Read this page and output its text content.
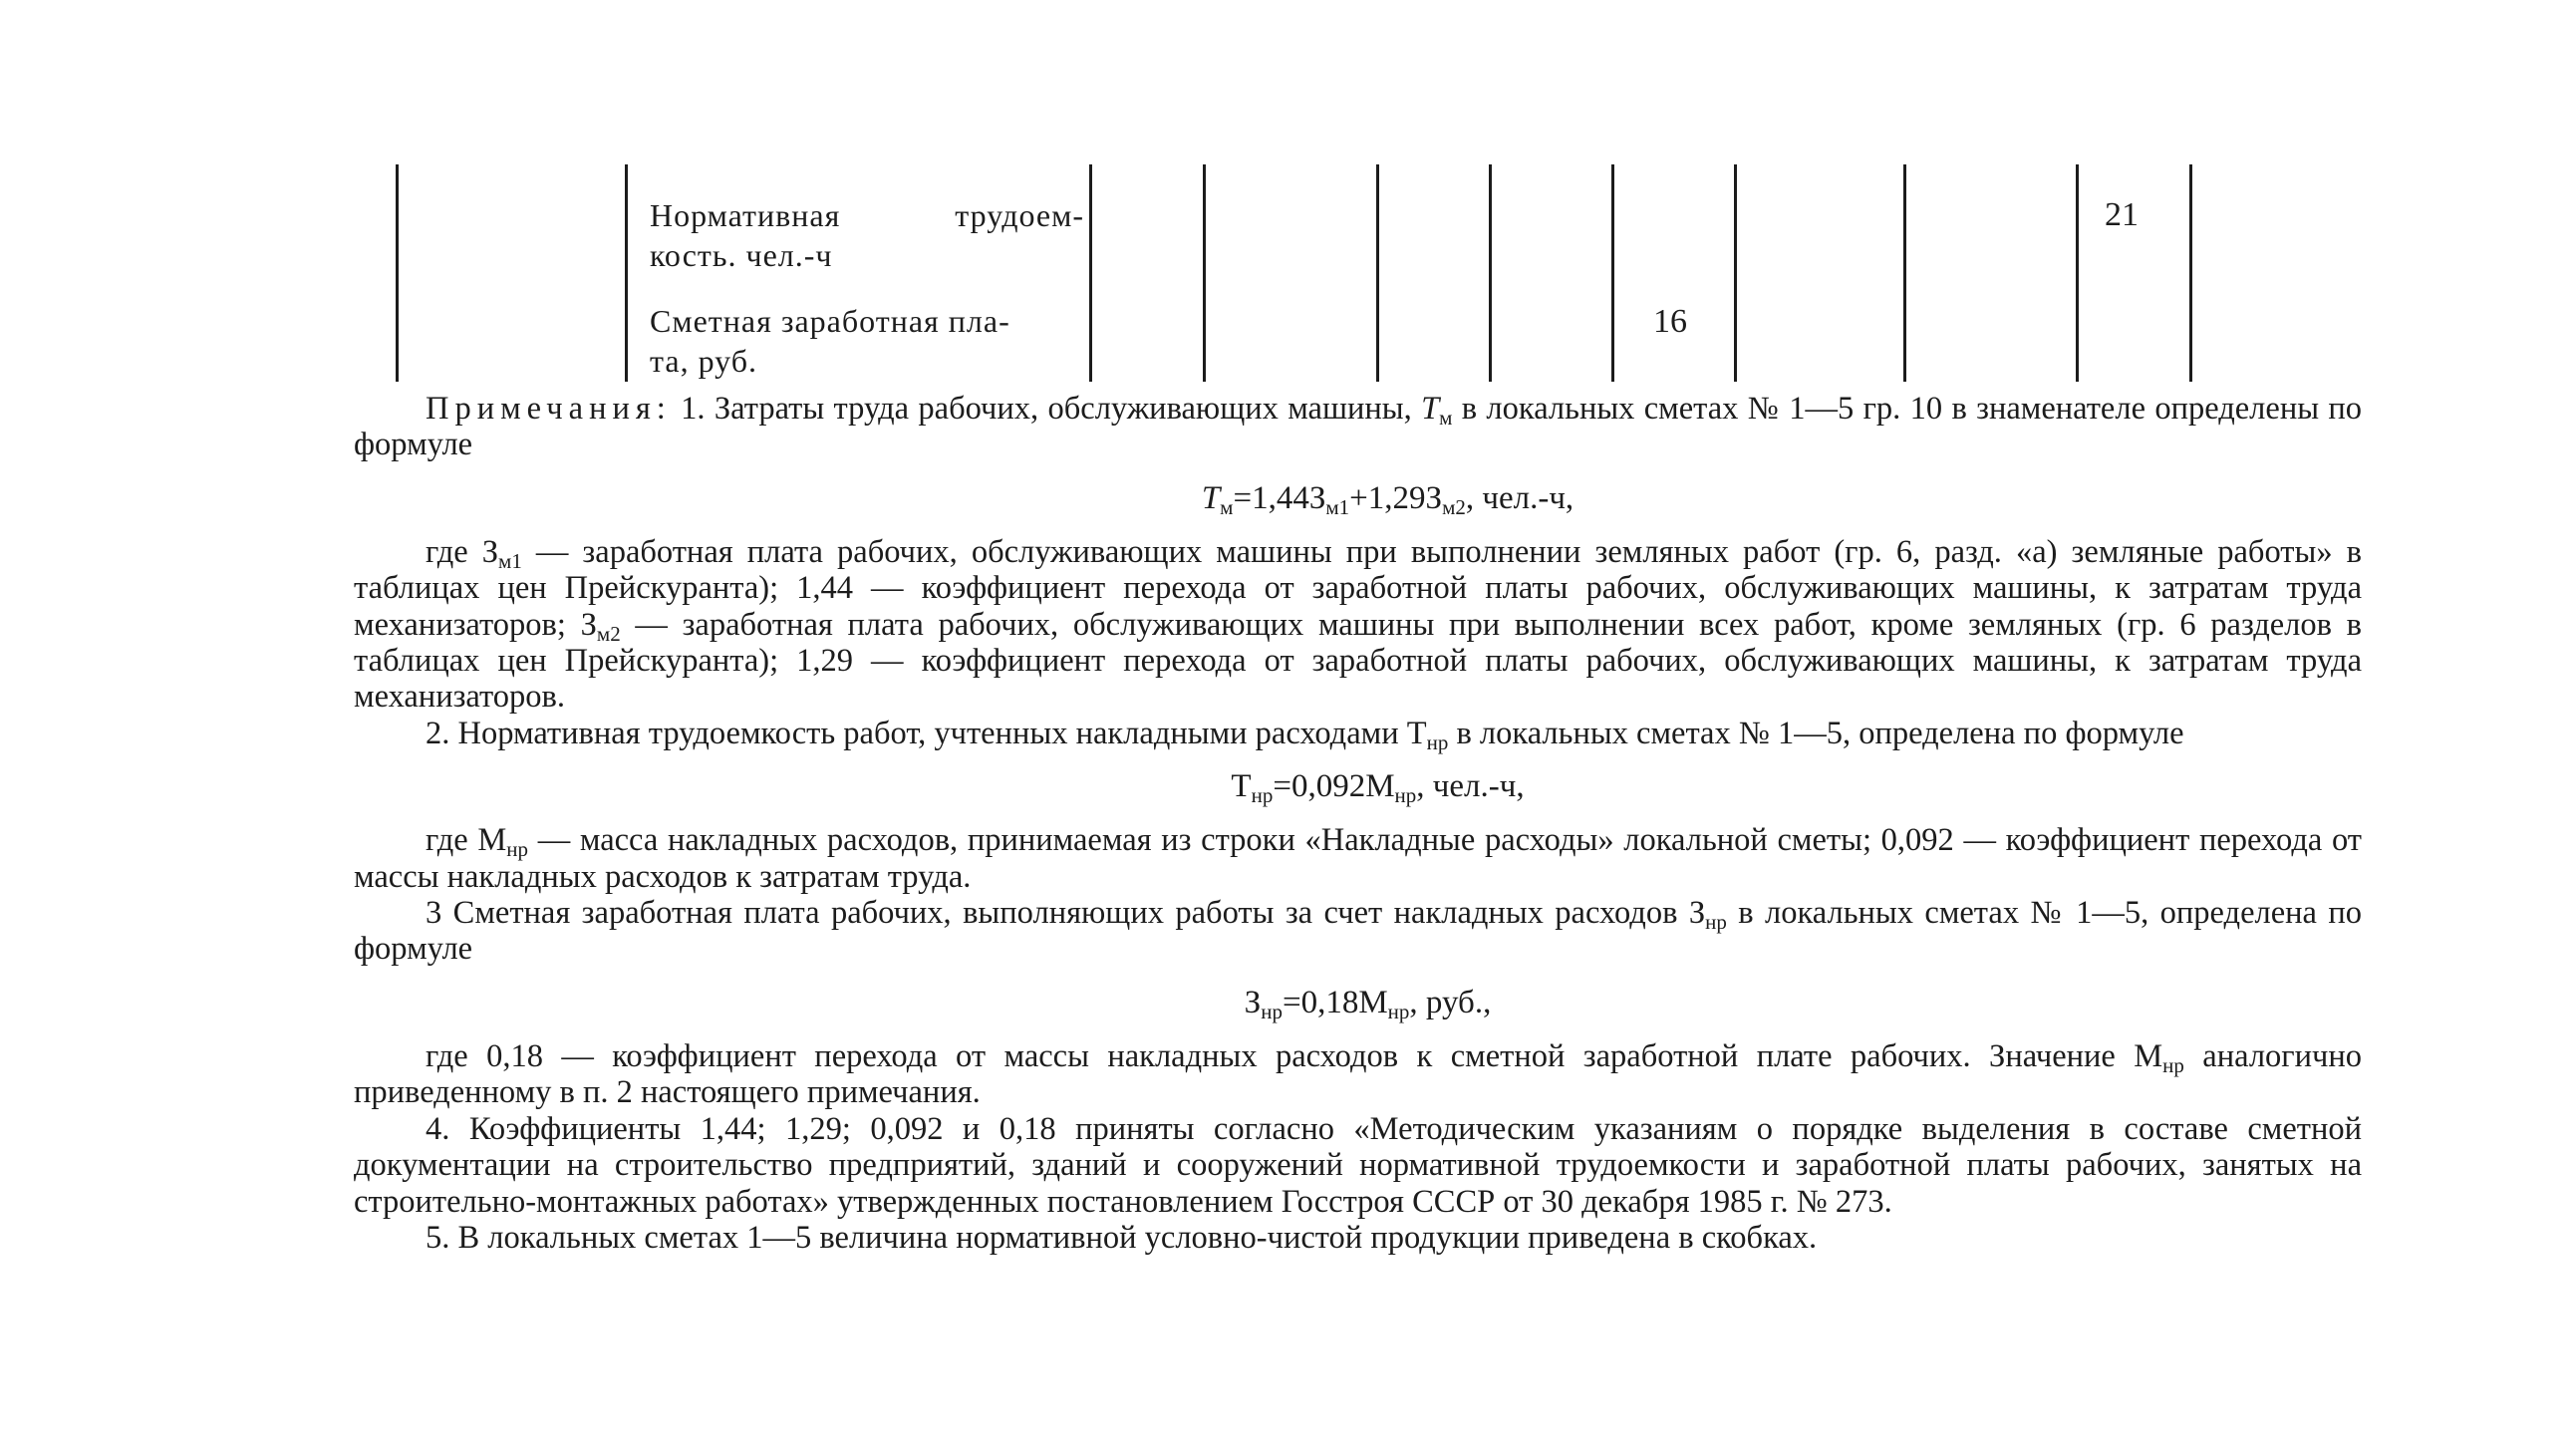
Нормативная	трудоем-
кость. чел.-ч
21
Сметная заработная пла-
та, руб.
16

Примечания: 1. Затраты труда рабочих, обслуживающих машины, $Т_м$ в локальных сметах № 1—5 гр. 10 в знаменателе определены по формуле

$Т_м=1,44З_{м1}+1,29З_{м2}$, чел.-ч,

где $З_{м1}$ — заработная плата рабочих, обслуживающих машины при выполнении земляных работ (гр. 6, разд. «а) земляные работы» в таблицах цен Прейскуранта); 1,44 — коэффициент перехода от заработной платы рабочих, обслуживающих машины, к затратам труда механизаторов; $З_{м2}$ — заработная плата рабочих, обслуживающих машины при выполнении всех работ, кроме земляных (гр. 6 разделов в таблицах цен Прейскуранта); 1,29 — коэффициент перехода от заработной платы рабочих, обслуживающих машины, к затратам труда механизаторов.

2. Нормативная трудоемкость работ, учтенных накладными расходами $Т_{нр}$ в локальных сметах № 1—5, определена по формуле

$Т_{нр}=0,092М_{нр}$, чел.-ч,

где $М_{нр}$ — масса накладных расходов, принимаемая из строки «Накладные расходы» локальной сметы; 0,092 — коэффициент перехода от массы накладных расходов к затратам труда.

3 Сметная заработная плата рабочих, выполняющих работы за счет накладных расходов $З_{нр}$ в локальных сметах № 1—5, определена по формуле

$З_{нр}=0,18М_{нр}$, руб.,

где 0,18 — коэффициент перехода от массы накладных расходов к сметной заработной плате рабочих. Значение $М_{нр}$ аналогично приведенному в п. 2 настоящего примечания.

4. Коэффициенты 1,44; 1,29; 0,092 и 0,18 приняты согласно «Методическим указаниям о порядке выделения в составе сметной документации на строительство предприятий, зданий и сооружений нормативной трудоемкости и заработной платы рабочих, занятых на строительно-монтажных работах» утвержденных постановлением Госстроя СССР от 30 декабря 1985 г. № 273.

5. В локальных сметах 1—5 величина нормативной условно-чистой продукции приведена в скобках.
